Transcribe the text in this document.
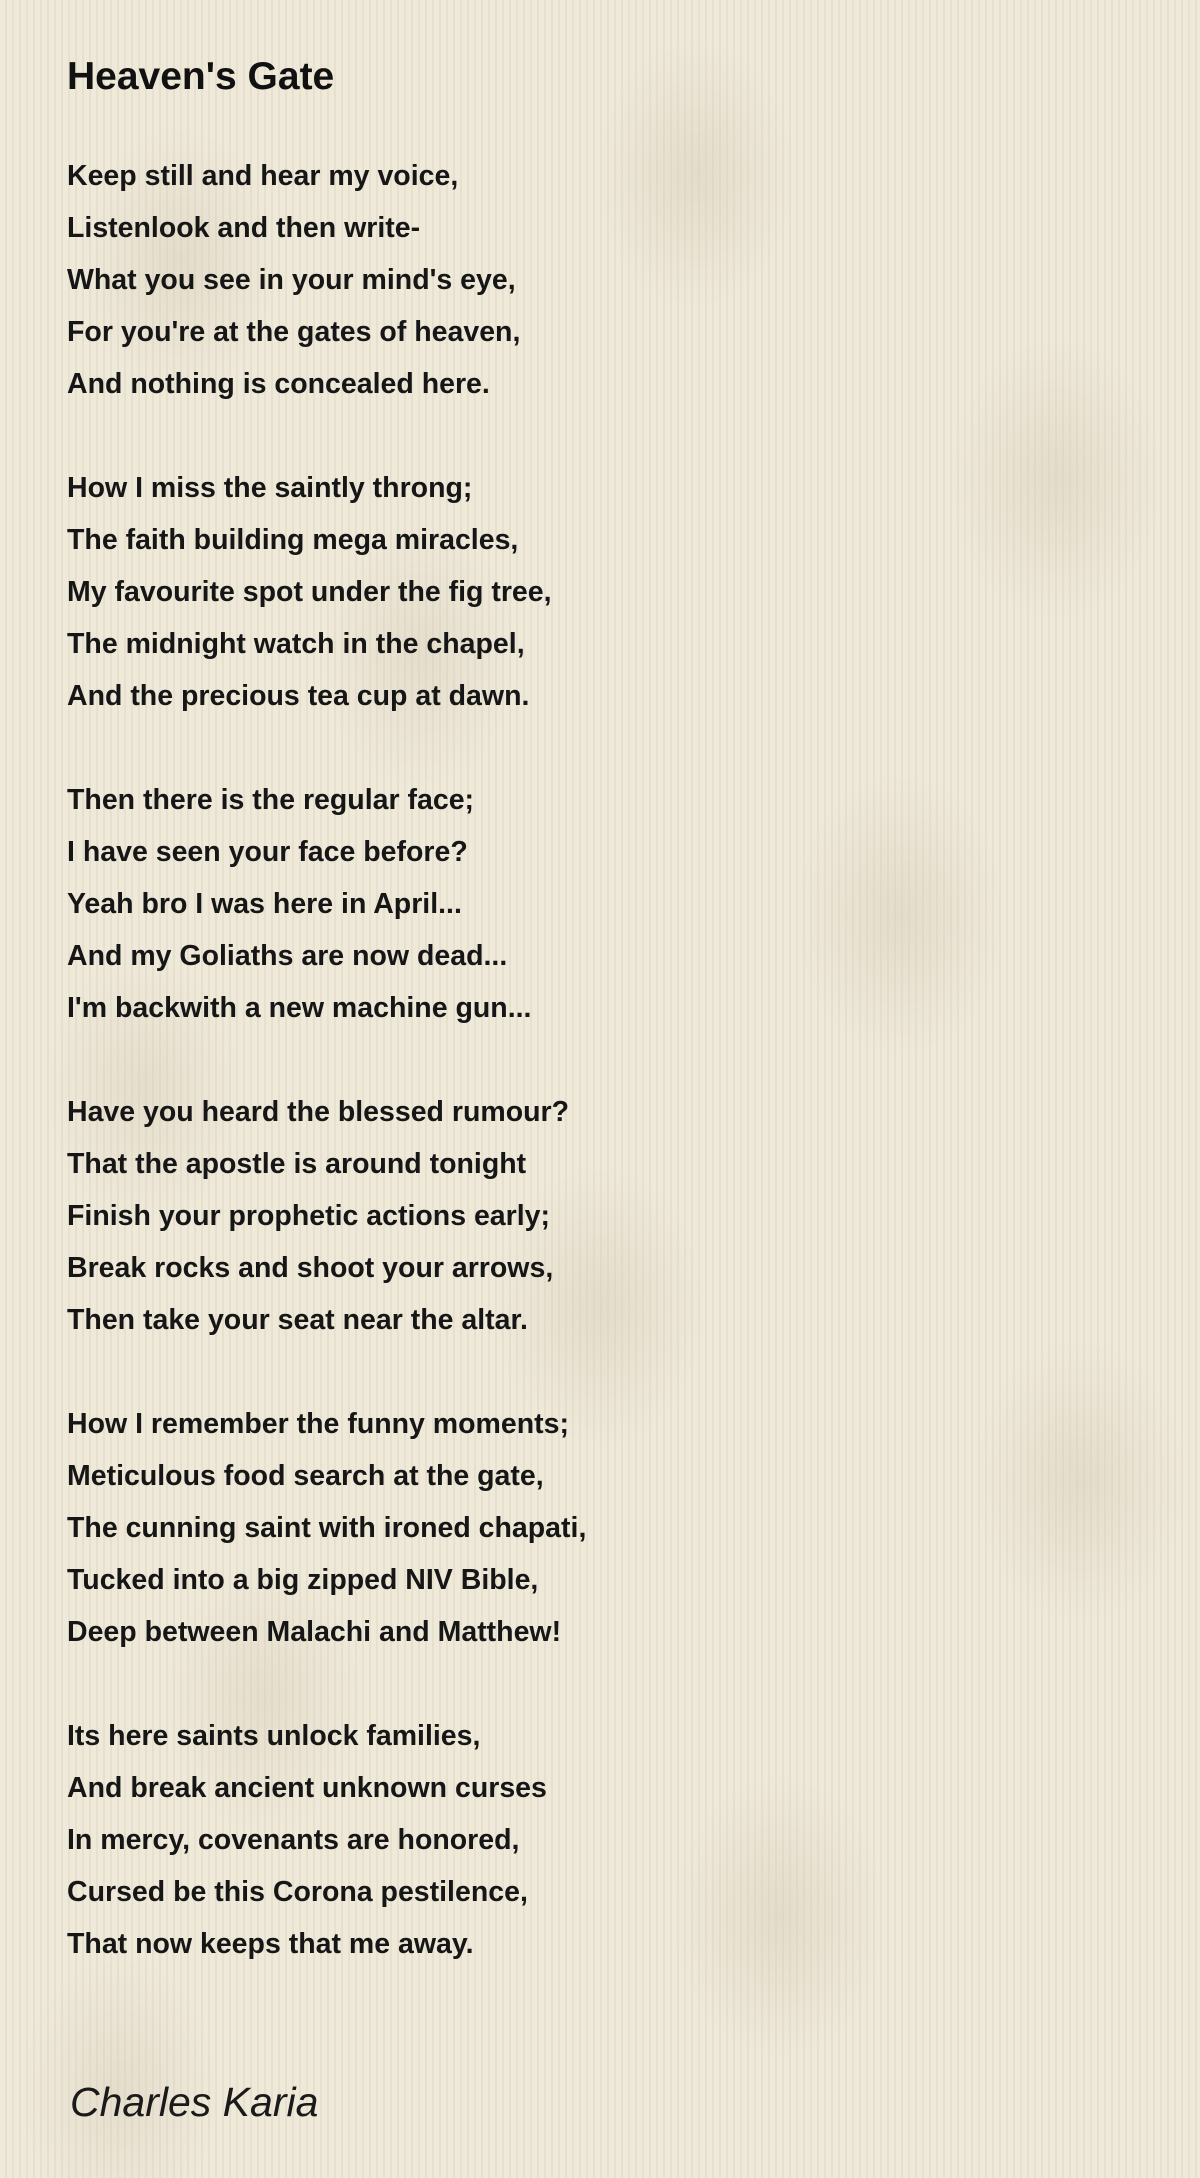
Heaven's Gate
Keep still and hear my voice,
Listenlook and then write-
What you see in your mind's eye,
For you're at the gates of heaven,
And nothing is concealed here.
How I miss the saintly throng;
The faith building mega miracles,
My favourite spot under the fig tree,
The midnight watch in the chapel,
And the precious tea cup at dawn.
Then there is the regular face;
I have seen your face before?
Yeah bro I was here in April...
And my Goliaths are now dead...
I'm backwith a new machine gun...
Have you heard the blessed rumour?
That the apostle is around tonight
Finish your prophetic actions early;
Break rocks and shoot your arrows,
Then take your seat near the altar.
How I remember the funny moments;
Meticulous food search at the gate,
The cunning saint with ironed chapati,
Tucked into a big zipped NIV Bible,
Deep between Malachi and Matthew!
Its here saints unlock families,
And break ancient unknown curses
In mercy, covenants are honored,
Cursed be this Corona pestilence,
That now keeps that me away.

Charles Karia
